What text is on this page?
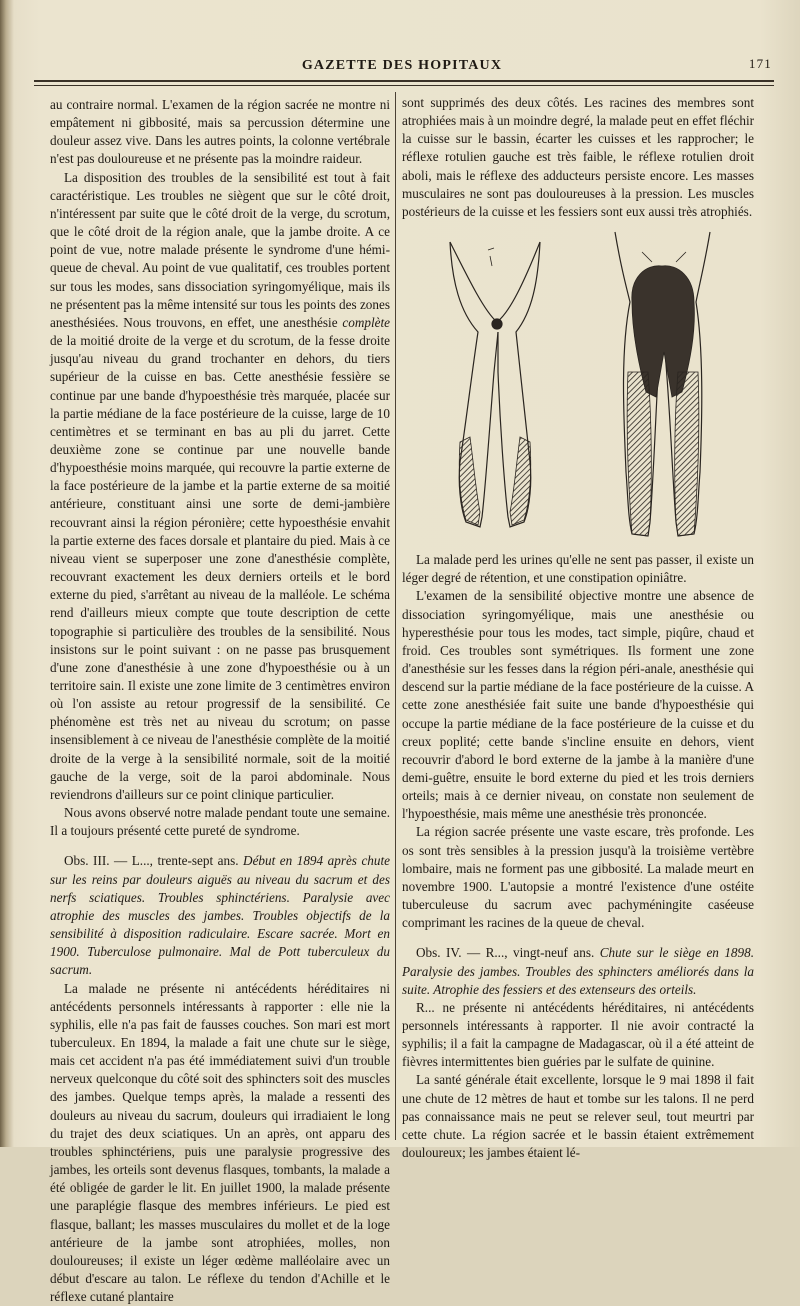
GAZETTE DES HOPITAUX	171

au contraire normal. L'examen de la région sacrée ne montre ni empâtement ni gibbosité, mais sa percussion détermine une douleur assez vive. Dans les autres points, la colonne vertébrale n'est pas douloureuse et ne présente pas la moindre raideur.

La disposition des troubles de la sensibilité est tout à fait caractéristique. Les troubles ne siègent que sur le côté droit, n'intéressent par suite que le côté droit de la verge, du scrotum, que le côté droit de la région anale, que la jambe droite. A ce point de vue, notre malade présente le syndrome d'une hémi-queue de cheval. Au point de vue qualitatif, ces troubles portent sur tous les modes, sans dissociation syringomyélique, mais ils ne présentent pas la même intensité sur tous les points des zones anesthésiées. Nous trouvons, en effet, une anesthésie complète de la moitié droite de la verge et du scrotum, de la fesse droite jusqu'au niveau du grand trochanter en dehors, du tiers supérieur de la cuisse en bas. Cette anesthésie fessière se continue par une bande d'hypoesthésie très marquée, placée sur la partie médiane de la face postérieure de la cuisse, large de 10 centimètres et se terminant en bas au pli du jarret. Cette deuxième zone se continue par une nouvelle bande d'hypoesthésie moins marquée, qui recouvre la partie externe de la face postérieure de la jambe et la partie externe de sa moitié antérieure, constituant ainsi une sorte de demi-jambière recouvrant ainsi la région péronière; cette hypoesthésie envahit la partie externe des faces dorsale et plantaire du pied. Mais à ce niveau vient se superposer une zone d'anesthésie complète, recouvrant exactement les deux derniers orteils et le bord externe du pied, s'arrêtant au niveau de la malléole. Le schéma rend d'ailleurs mieux compte que toute description de cette topographie si particulière des troubles de la sensibilité. Nous insistons sur le point suivant : on ne passe pas brusquement d'une zone d'anesthésie à une zone d'hypoesthésie ou à un territoire sain. Il existe une zone limite de 3 centimètres environ où l'on assiste au retour progressif de la sensibilité. Ce phénomène est très net au niveau du scrotum; on passe insensiblement à ce niveau de l'anesthésie complète de la moitié droite de la verge à la sensibilité normale, soit de la moitié gauche de la verge, soit de la paroi abdominale. Nous reviendrons d'ailleurs sur ce point clinique particulier.

Nous avons observé notre malade pendant toute une semaine. Il a toujours présenté cette pureté de syndrome.

Obs. III. — L..., trente-sept ans. Début en 1894 après chute sur les reins par douleurs aiguës au niveau du sacrum et des nerfs sciatiques. Troubles sphinctériens. Paralysie avec atrophie des muscles des jambes. Troubles objectifs de la sensibilité à disposition radiculaire. Escare sacrée. Mort en 1900. Tuberculose pulmonaire. Mal de Pott tuberculeux du sacrum.

La malade ne présente ni antécédents héréditaires ni antécédents personnels intéressants à rapporter : elle nie la syphilis, elle n'a pas fait de fausses couches. Son mari est mort tuberculeux. En 1894, la malade a fait une chute sur le siège, mais cet accident n'a pas été immédiatement suivi d'un trouble nerveux quelconque du côté soit des sphincters soit des muscles des jambes. Quelque temps après, la malade a ressenti des douleurs au niveau du sacrum, douleurs qui irradiaient le long du trajet des deux sciatiques. Un an après, ont apparu des troubles sphinctériens, puis une paralysie progressive des jambes, les orteils sont devenus flasques, tombants, la malade a été obligée de garder le lit. En juillet 1900, la malade présente une paraplégie flasque des membres inférieurs. Le pied est flasque, ballant; les masses musculaires du mollet et de la loge antérieure de la jambe sont atrophiées, molles, non douloureuses; il existe un léger œdème malléolaire avec un début d'escare au talon. Le réflexe du tendon d'Achille et le réflexe cutané plantaire

sont supprimés des deux côtés. Les racines des membres sont atrophiées mais à un moindre degré, la malade peut en effet fléchir la cuisse sur le bassin, écarter les cuisses et les rapprocher; le réflexe rotulien gauche est très faible, le réflexe rotulien droit aboli, mais le réflexe des adducteurs persiste encore. Les masses musculaires ne sont pas douloureuses à la pression. Les muscles postérieurs de la cuisse et les fessiers sont eux aussi très atrophiés.

La malade perd les urines qu'elle ne sent pas passer, il existe un léger degré de rétention, et une constipation opiniâtre.

L'examen de la sensibilité objective montre une absence de dissociation syringomyélique, mais une anesthésie ou hyperesthésie pour tous les modes, tact simple, piqûre, chaud et froid. Ces troubles sont symétriques. Ils forment une zone d'anesthésie sur les fesses dans la région péri-anale, anesthésie qui descend sur la partie médiane de la face postérieure de la cuisse. A cette zone anesthésiée fait suite une bande d'hypoesthésie qui occupe la partie médiane de la face postérieure de la cuisse et du creux poplité; cette bande s'incline ensuite en dehors, vient recouvrir d'abord le bord externe de la jambe à la manière d'une demi-guêtre, ensuite le bord externe du pied et les trois derniers orteils; mais à ce dernier niveau, on constate non seulement de l'hypoesthésie, mais même une anesthésie très prononcée.

La région sacrée présente une vaste escare, très profonde. Les os sont très sensibles à la pression jusqu'à la troisième vertèbre lombaire, mais ne forment pas une gibbosité. La malade meurt en novembre 1900. L'autopsie a montré l'existence d'une ostéite tuberculeuse du sacrum avec pachyméningite caséeuse comprimant les racines de la queue de cheval.

Obs. IV. — R..., vingt-neuf ans. Chute sur le siège en 1898. Paralysie des jambes. Troubles des sphincters améliorés dans la suite. Atrophie des fessiers et des extenseurs des orteils.

R... ne présente ni antécédents héréditaires, ni antécédents personnels intéressants à rapporter. Il nie avoir contracté la syphilis; il a fait la campagne de Madagascar, où il a été atteint de fièvres intermittentes bien guéries par le sulfate de quinine.

La santé générale était excellente, lorsque le 9 mai 1898 il fait une chute de 12 mètres de haut et tombe sur les talons. Il ne perd pas connaissance mais ne peut se relever seul, tout meurtri par cette chute. La région sacrée et le bassin étaient extrêmement douloureux; les jambes étaient lé-
